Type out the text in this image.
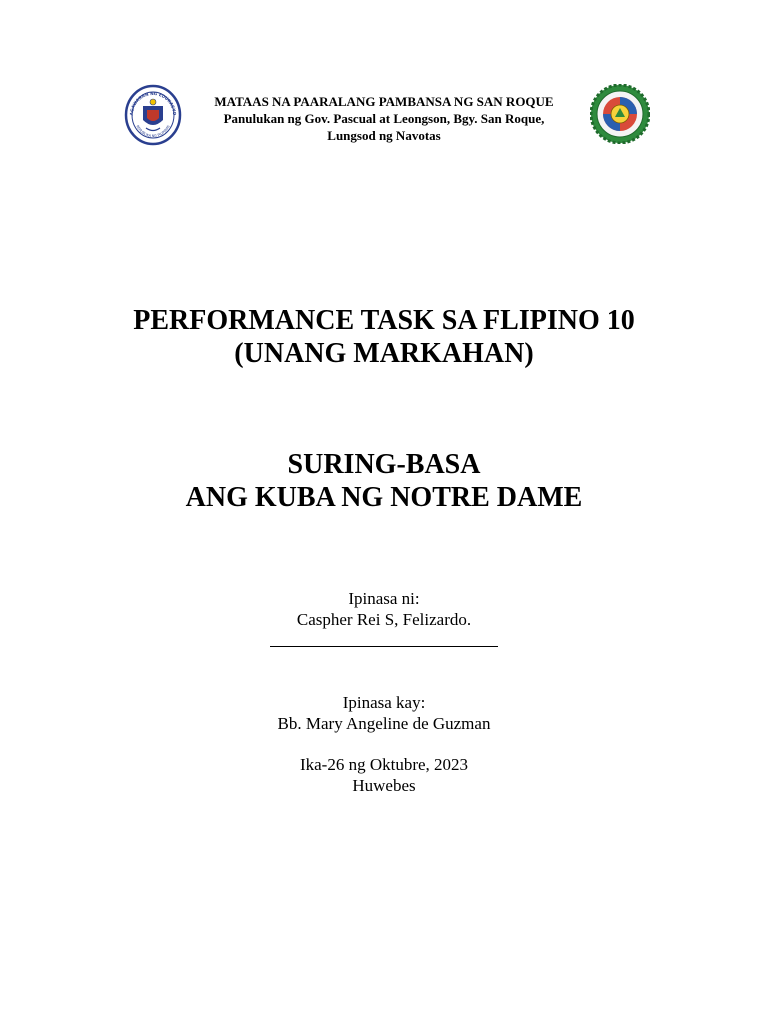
AGAWARAN NG EDUKASYO
REPUBLIKA NG PILIPINAS
MATAAS NA PAARALANG PAMBANSA NG SAN ROQUE
Panulukan ng Gov. Pascual at Leongson, Bgy. San Roque,
Lungsod ng Navotas
PERFORMANCE TASK SA FLIPINO 10
(UNANG MARKAHAN)
SURING-BASA
ANG KUBA NG NOTRE DAME
Ipinasa ni:
Caspher Rei S, Felizardo.
Ipinasa kay:
Bb. Mary Angeline de Guzman
Ika-26 ng Oktubre, 2023
Huwebes
